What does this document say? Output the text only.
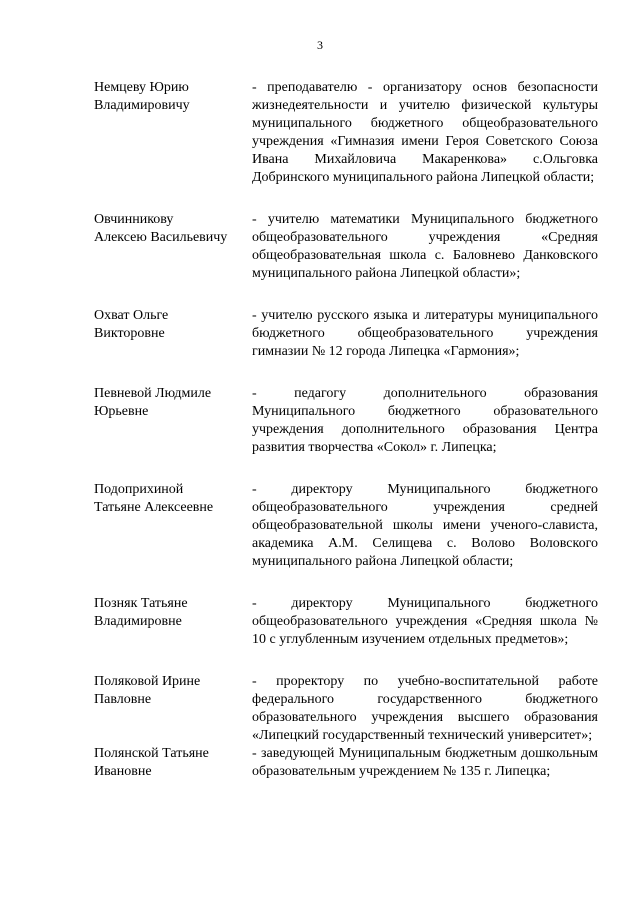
3
Немцеву Юрию
Владимировичу
- преподавателю - организатору основ безопасности жизнедеятельности и учителю физической культуры муниципального бюджетного общеобразовательного учреждения «Гимназия имени Героя Советского Союза Ивана Михайловича Макаренкова» с.Ольговка Добринского муниципального района Липецкой области;
Овчинникову
Алексею Васильевичу
- учителю математики Муниципального бюджетного общеобразовательного учреждения «Средняя общеобразовательная школа с. Баловнево Данковского муниципального района Липецкой области»;
Охват Ольге
Викторовне
- учителю русского языка и литературы муниципального бюджетного общеобразовательного учреждения гимназии № 12 города Липецка «Гармония»;
Певневой Людмиле
Юрьевне
- педагогу дополнительного образования Муниципального бюджетного образовательного учреждения дополнительного образования Центра развития творчества «Сокол» г. Липецка;
Подоприхиной
Татьяне Алексеевне
- директору Муниципального бюджетного общеобразовательного учреждения средней общеобразовательной школы имени ученого-слависта, академика А.М. Селищева с. Волово Воловского муниципального района Липецкой области;
Позняк Татьяне
Владимировне
- директору Муниципального бюджетного общеобразовательного учреждения «Средняя школа № 10 с углубленным изучением отдельных предметов»;
Поляковой Ирине
Павловне
- проректору по учебно-воспитательной работе федерального государственного бюджетного образовательного учреждения высшего образования «Липецкий государственный технический университет»;
Полянской Татьяне
Ивановне
- заведующей Муниципальным бюджетным дошкольным образовательным учреждением № 135 г. Липецка;
